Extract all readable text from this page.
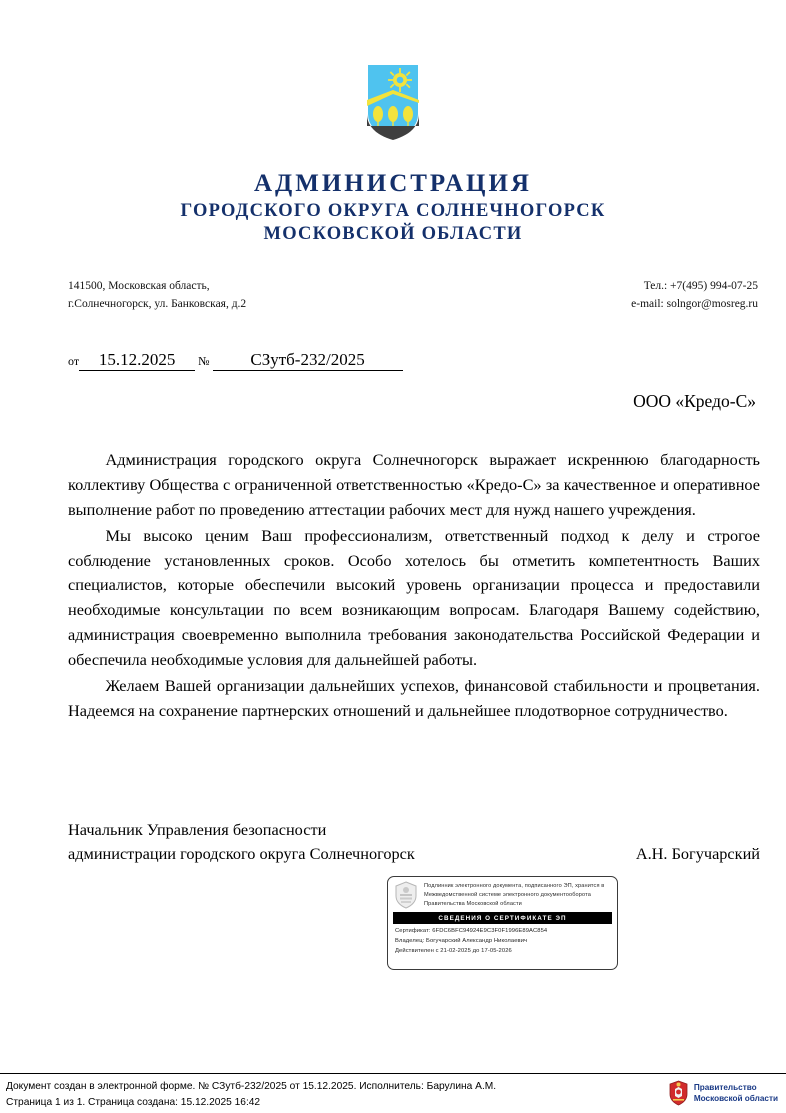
АДМИНИСТРАЦИЯ
ГОРОДСКОГО ОКРУГА СОЛНЕЧНОГОРСК
МОСКОВСКОЙ ОБЛАСТИ
141500, Московская область,
г.Солнечногорск, ул. Банковская, д.2
Тел.: +7(495) 994-07-25
e-mail: solngor@mosreg.ru
от	15.12.2025	№	СЗутб-232/2025
ООО «Кредо-С»

Администрация городского округа Солнечногорск выражает искреннюю благодарность коллективу Общества с ограниченной ответственностью «Кредо-С» за качественное и оперативное выполнение работ по проведению аттестации рабочих мест для нужд нашего учреждения.

Мы высоко ценим Ваш профессионализм, ответственный подход к делу и строгое соблюдение установленных сроков. Особо хотелось бы отметить компетентность Ваших специалистов, которые обеспечили высокий уровень организации процесса и предоставили необходимые консультации по всем возникающим вопросам. Благодаря Вашему содействию, администрация своевременно выполнила требования законодательства Российской Федерации и обеспечила необходимые условия для дальнейшей работы.

Желаем Вашей организации дальнейших успехов, финансовой стабильности и процветания. Надеемся на сохранение партнерских отношений и дальнейшее плодотворное сотрудничество.

Начальник Управления безопасности
администрации городского округа Солнечногорск	А.Н. Богучарский
Подлинник электронного документа, подписанного ЭП, хранится в Межведомственной системе электронного документооборота Правительства Московской области
СВЕДЕНИЯ О СЕРТИФИКАТЕ ЭП
Сертификат: 6FDC6BFC94924E9C3F0F1996E89AC854
Владелец: Богучарский Александр Николаевич
Действителен с 21-02-2025 до 17-05-2026
Документ создан в электронной форме. № СЗутб-232/2025 от 15.12.2025. Исполнитель: Барулина А.М.
Страница 1 из 1. Страница создана: 15.12.2025 16:42
Правительство
Московской области
